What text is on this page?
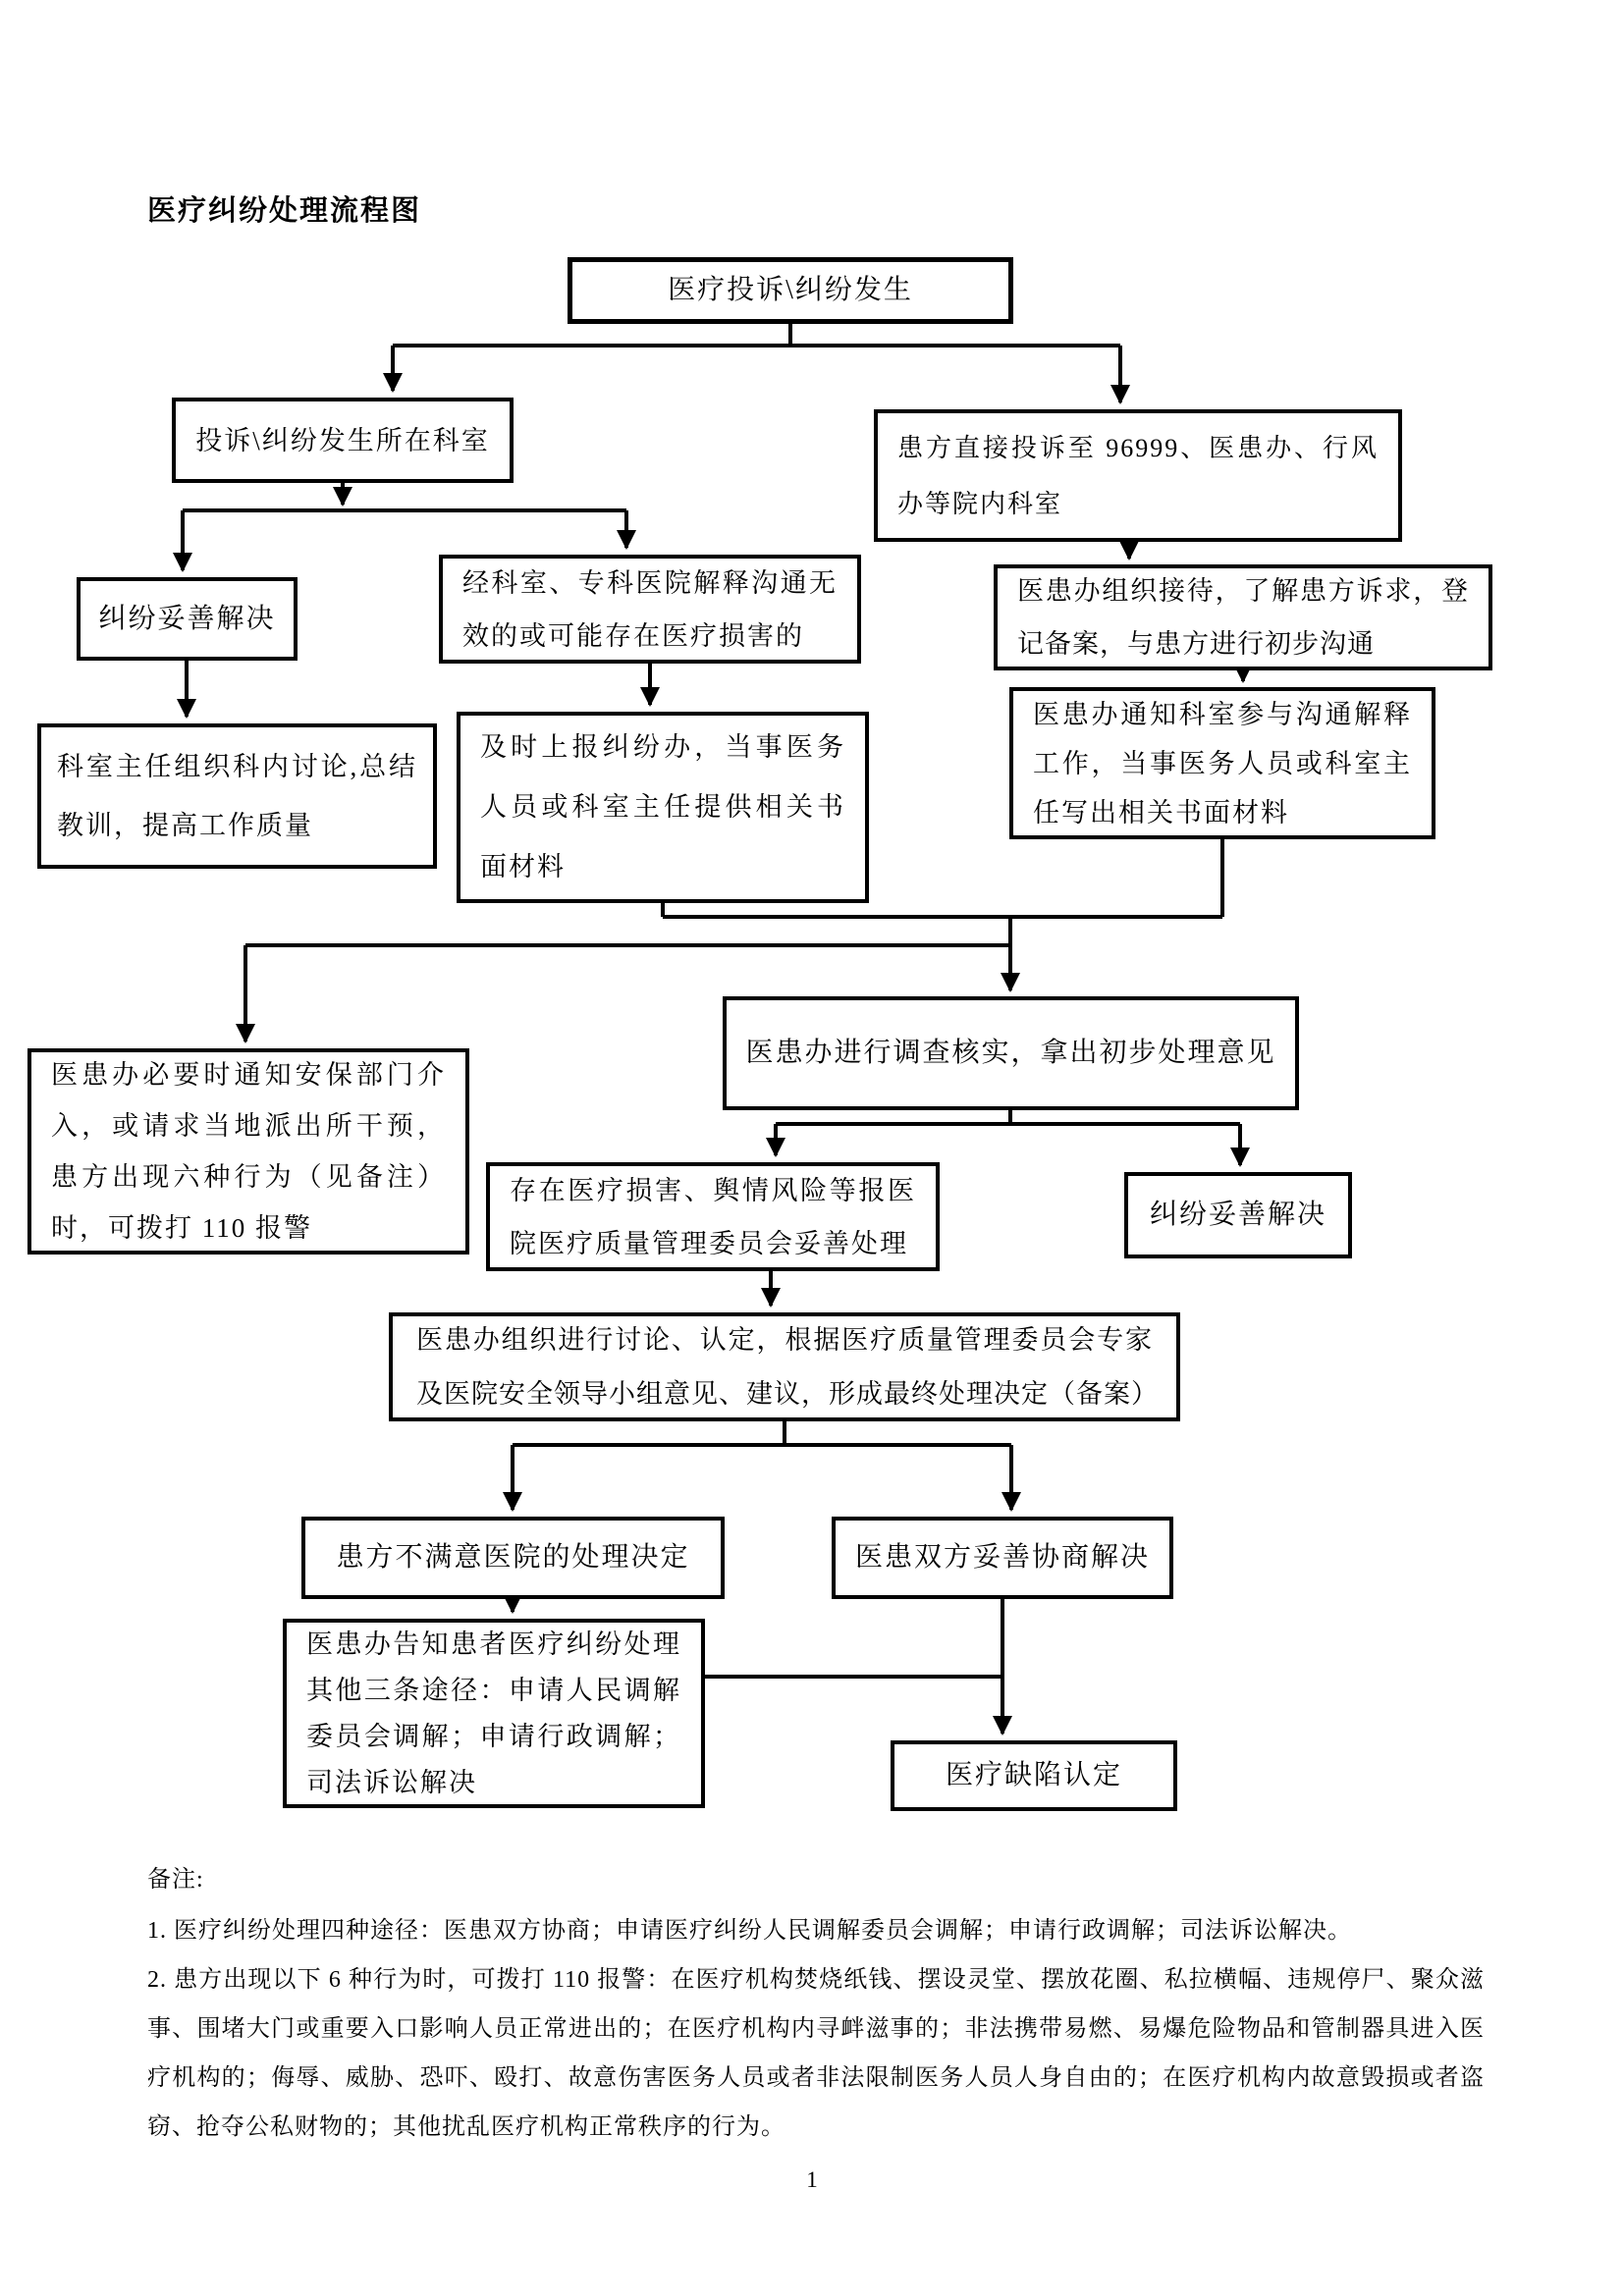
医疗纠纷处理流程图
医疗投诉\纠纷发生
投诉\纠纷发生所在科室	患方直接投诉至 96999、医患办、行风办等院内科室
纠纷妥善解决
经科室、专科医院解释沟通无效的或可能存在医疗损害的
医患办组织接待，了解患方诉求，登记备案，与患方进行初步沟通
科室主任组织科内讨论,总结教训，提高工作质量
及时上报纠纷办，当事医务人员或科室主任提供相关书面材料
医患办通知科室参与沟通解释工作，当事医务人员或科室主任写出相关书面材料
医患办必要时通知安保部门介入，或请求当地派出所干预，患方出现六种行为（见备注）时，可拨打 110 报警
医患办进行调查核实，拿出初步处理意见
存在医疗损害、舆情风险等报医院医疗质量管理委员会妥善处理
纠纷妥善解决
医患办组织进行讨论、认定，根据医疗质量管理委员会专家及医院安全领导小组意见、建议，形成最终处理决定（备案）
患方不满意医院的处理决定	医患双方妥善协商解决
医患办告知患者医疗纠纷处理其他三条途径：申请人民调解委员会调解；申请行政调解；司法诉讼解决	医疗缺陷认定
备注:

1. 医疗纠纷处理四种途径：医患双方协商；申请医疗纠纷人民调解委员会调解；申请行政调解；司法诉讼解决。

2. 患方出现以下 6 种行为时，可拨打 110 报警：在医疗机构焚烧纸钱、摆设灵堂、摆放花圈、私拉横幅、违规停尸、聚众滋事、围堵大门或重要入口影响人员正常进出的；在医疗机构内寻衅滋事的；非法携带易燃、易爆危险物品和管制器具进入医疗机构的；侮辱、威胁、恐吓、殴打、故意伤害医务人员或者非法限制医务人员人身自由的；在医疗机构内故意毁损或者盗窃、抢夺公私财物的；其他扰乱医疗机构正常秩序的行为。

1
